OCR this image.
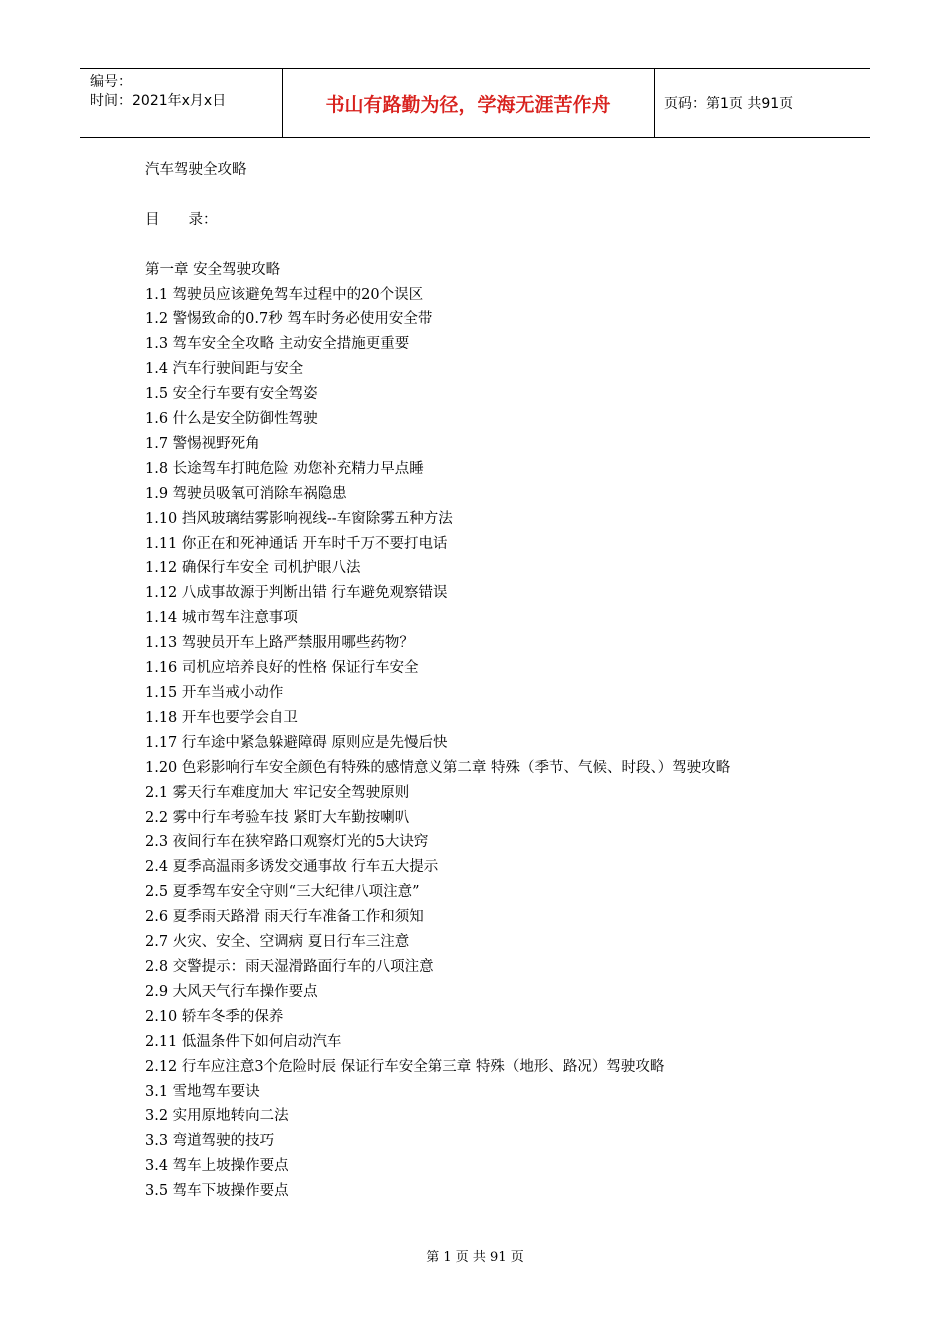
编号：
时间：2021年x月x日	书山有路勤为径，学海无涯苦作舟	页码：第1页 共91页

汽车驾驶全攻略

目　　录：

第一章 安全驾驶攻略

1.1 驾驶员应该避免驾车过程中的20个误区

1.2 警惕致命的0.7秒 驾车时务必使用安全带

1.3 驾车安全全攻略 主动安全措施更重要

1.4 汽车行驶间距与安全

1.5 安全行车要有安全驾姿

1.6 什么是安全防御性驾驶

1.7 警惕视野死角

1.8 长途驾车打盹危险 劝您补充精力早点睡

1.9 驾驶员吸氧可消除车祸隐患

1.10 挡风玻璃结雾影响视线--车窗除雾五种方法

1.11 你正在和死神通话 开车时千万不要打电话

1.12 确保行车安全 司机护眼八法

1.12 八成事故源于判断出错 行车避免观察错误

1.14 城市驾车注意事项

1.13 驾驶员开车上路严禁服用哪些药物？

1.16 司机应培养良好的性格 保证行车安全

1.15 开车当戒小动作

1.18 开车也要学会自卫

1.17 行车途中紧急躲避障碍 原则应是先慢后快

1.20 色彩影响行车安全颜色有特殊的感情意义第二章 特殊（季节、气候、时段、）驾驶攻略

2.1 雾天行车难度加大 牢记安全驾驶原则

2.2 雾中行车考验车技 紧盯大车勤按喇叭

2.3 夜间行车在狭窄路口观察灯光的5大诀窍

2.4 夏季高温雨多诱发交通事故 行车五大提示

2.5 夏季驾车安全守则“三大纪律八项注意”

2.6 夏季雨天路滑 雨天行车准备工作和须知

2.7 火灾、安全、空调病 夏日行车三注意

2.8 交警提示：雨天湿滑路面行车的八项注意

2.9 大风天气行车操作要点

2.10 轿车冬季的保养

2.11 低温条件下如何启动汽车

2.12 行车应注意3个危险时辰 保证行车安全第三章 特殊（地形、路况）驾驶攻略

3.1 雪地驾车要诀

3.2 实用原地转向二法

3.3 弯道驾驶的技巧

3.4 驾车上坡操作要点

3.5 驾车下坡操作要点

第 1 页 共 91 页
